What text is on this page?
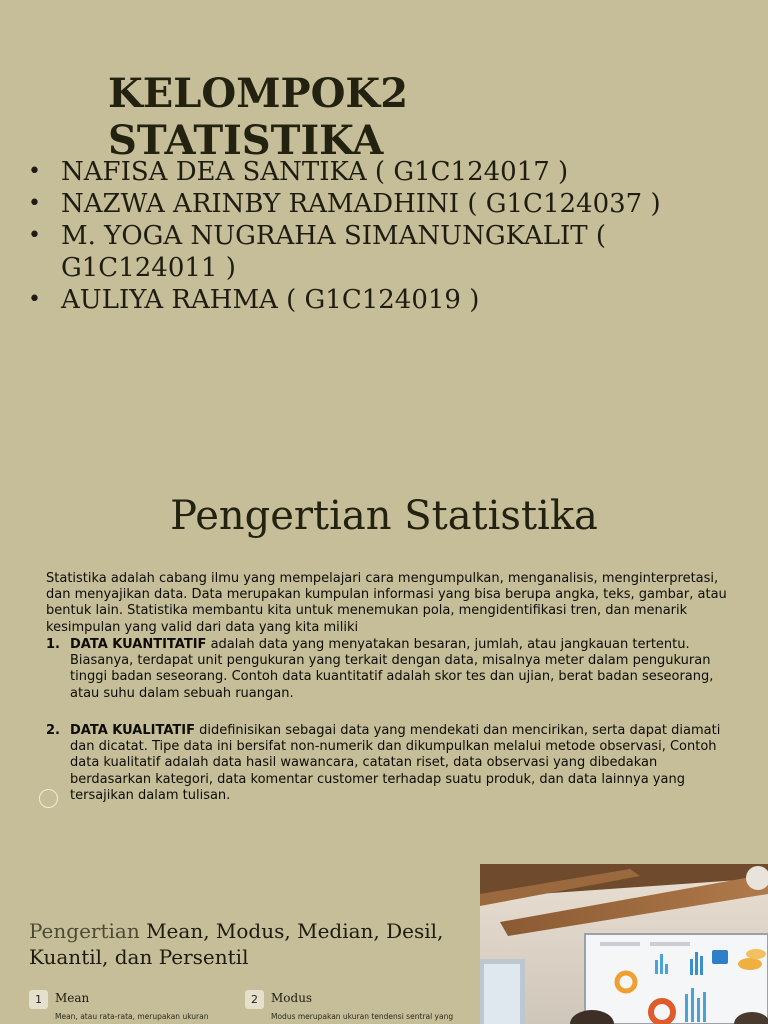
KELOMPOK2
STATISTIKA
• NAFISA DEA SANTIKA ( G1C124017 )
• NAZWA ARINBY RAMADHINI ( G1C124037 )
• M. YOGA NUGRAHA SIMANUNGKALIT ( G1C124011 )
• AULIYA RAHMA ( G1C124019 )
Pengertian Statistika

Statistika adalah cabang ilmu yang mempelajari cara mengumpulkan, menganalisis, menginterpretasi, dan menyajikan data. Data merupakan kumpulan informasi yang bisa berupa angka, teks, gambar, atau bentuk lain. Statistika membantu kita untuk menemukan pola, mengidentifikasi tren, dan menarik kesimpulan yang valid dari data yang kita miliki

1. DATA KUANTITATIF adalah data yang menyatakan besaran, jumlah, atau jangkauan tertentu. Biasanya, terdapat unit pengukuran yang terkait dengan data, misalnya meter dalam pengukuran tinggi badan seseorang. Contoh data kuantitatif adalah skor tes dan ujian, berat badan seseorang, atau suhu dalam sebuah ruangan.
2. DATA KUALITATIF didefinisikan sebagai data yang mendekati dan mencirikan, serta dapat diamati dan dicatat. Tipe data ini bersifat non-numerik dan dikumpulkan melalui metode observasi, Contoh data kualitatif adalah data hasil wawancara, catatan riset, data observasi yang dibedakan berdasarkan kategori, data komentar customer terhadap suatu produk, dan data lainnya yang tersajikan dalam tulisan.
Pengertian Mean, Modus, Median, Desil, Kuantil, dan Persentil
1	Mean
Mean, atau rata-rata, merupakan ukuran
2	Modus
Modus merupakan ukuran tendensi sentral yang
